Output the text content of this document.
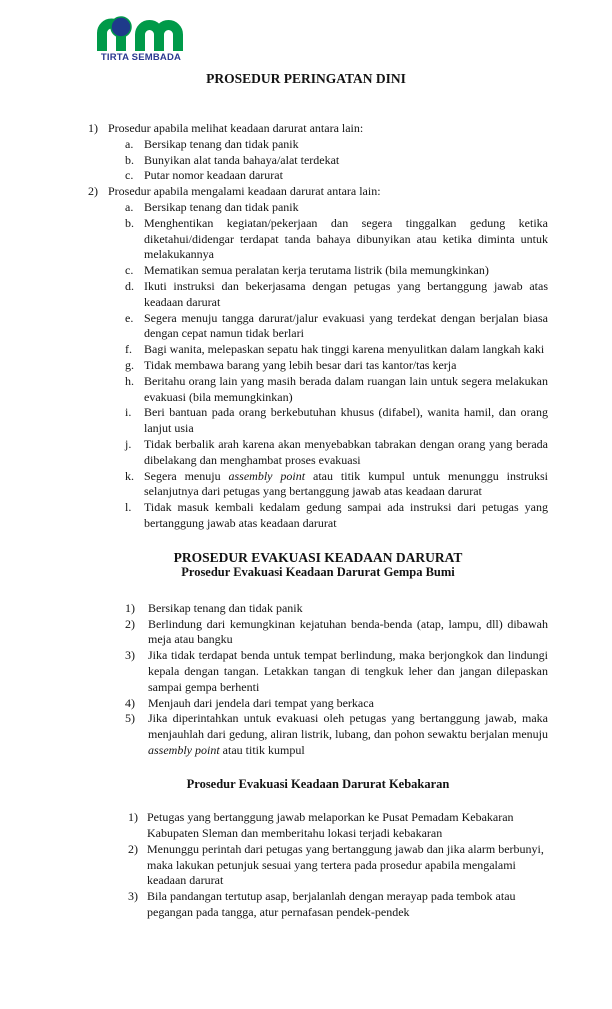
TIRTA SEMBADA
PROSEDUR PERINGATAN DINI
1) Prosedur apabila melihat keadaan darurat antara lain:
a. Bersikap tenang dan tidak panik
b. Bunyikan alat tanda bahaya/alat terdekat
c. Putar nomor keadaan darurat
2) Prosedur apabila mengalami keadaan darurat antara lain:
a. Bersikap tenang dan tidak panik
b. Menghentikan kegiatan/pekerjaan dan segera tinggalkan gedung ketika diketahui/didengar terdapat tanda bahaya dibunyikan atau ketika diminta untuk melakukannya
c. Mematikan semua peralatan kerja terutama listrik (bila memungkinkan)
d. Ikuti instruksi dan bekerjasama dengan petugas yang bertanggung jawab atas keadaan darurat
e. Segera menuju tangga darurat/jalur evakuasi yang terdekat dengan berjalan biasa dengan cepat namun tidak berlari
f.	Bagi wanita, melepaskan sepatu hak tinggi karena menyulitkan dalam langkah kaki
g. Tidak membawa barang yang lebih besar dari tas kantor/tas kerja
h. Beritahu orang lain yang masih berada dalam ruangan lain untuk segera melakukan evakuasi (bila memungkinkan)
i.	Beri bantuan pada orang berkebutuhan khusus (difabel), wanita hamil, dan orang lanjut usia
j.	Tidak berbalik arah karena akan menyebabkan tabrakan dengan orang yang berada dibelakang dan menghambat proses evakuasi
k. Segera menuju assembly point atau titik kumpul untuk menunggu instruksi selanjutnya dari petugas yang bertanggung jawab atas keadaan darurat
l.	Tidak masuk kembali kedalam gedung sampai ada instruksi dari petugas yang bertanggung jawab atas keadaan darurat
PROSEDUR EVAKUASI KEADAAN DARURAT
Prosedur Evakuasi Keadaan Darurat Gempa Bumi
1)	Bersikap tenang dan tidak panik
2)	Berlindung dari kemungkinan kejatuhan benda-benda (atap, lampu, dll) dibawah meja atau bangku
3)	Jika tidak terdapat benda untuk tempat berlindung, maka berjongkok dan lindungi kepala dengan tangan. Letakkan tangan di tengkuk leher dan jangan dilepaskan sampai gempa berhenti
4)	Menjauh dari jendela dari tempat yang berkaca
5)	Jika diperintahkan untuk evakuasi oleh petugas yang bertanggung jawab, maka menjauhlah dari gedung, aliran listrik, lubang, dan pohon sewaktu berjalan menuju assembly point atau titik kumpul
Prosedur Evakuasi Keadaan Darurat Kebakaran
1) Petugas yang bertanggung jawab melaporkan ke Pusat Pemadam Kebakaran Kabupaten Sleman dan memberitahu lokasi terjadi kebakaran
2) Menunggu perintah dari petugas yang bertanggung jawab dan jika alarm berbunyi, maka lakukan petunjuk sesuai yang tertera pada prosedur apabila mengalami keadaan darurat
3) Bila pandangan tertutup asap, berjalanlah dengan merayap pada tembok atau pegangan pada tangga, atur pernafasan pendek-pendek
